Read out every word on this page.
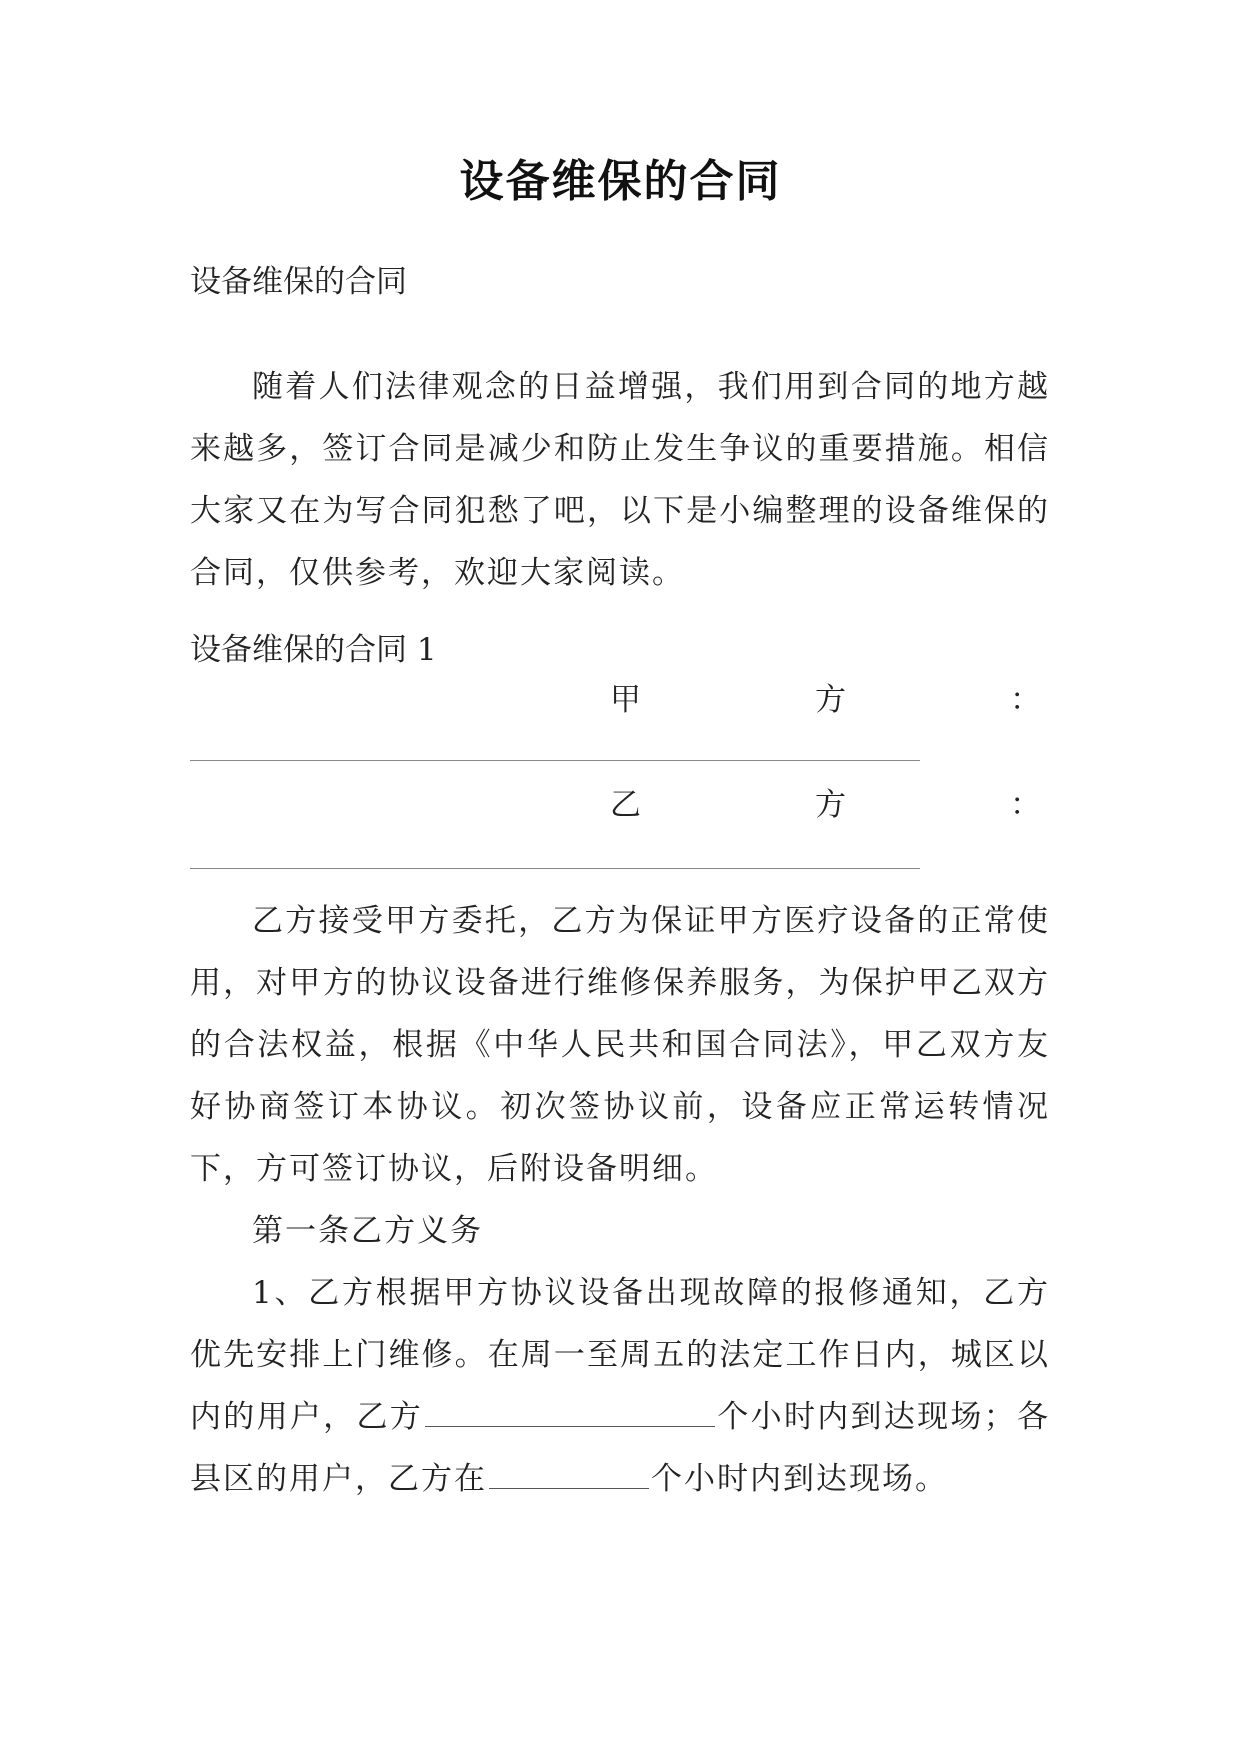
设备维保的合同
设备维保的合同
随着人们法律观念的日益增强，我们用到合同的地方越来越多，签订合同是减少和防止发生争议的重要措施。相信大家又在为写合同犯愁了吧，以下是小编整理的设备维保的合同，仅供参考，欢迎大家阅读。
设备维保的合同 1
甲	方	：
乙	方	：
乙方接受甲方委托，乙方为保证甲方医疗设备的正常使用，对甲方的协议设备进行维修保养服务，为保护甲乙双方的合法权益，根据《中华人民共和国合同法》，甲乙双方友好协商签订本协议。初次签协议前，设备应正常运转情况下，方可签订协议，后附设备明细。
第一条乙方义务
1、乙方根据甲方协议设备出现故障的报修通知，乙方优先安排上门维修。在周一至周五的法定工作日内，城区以内的用户，乙方	个小时内到达现场；各县区的用户，乙方在	个小时内到达现场。
